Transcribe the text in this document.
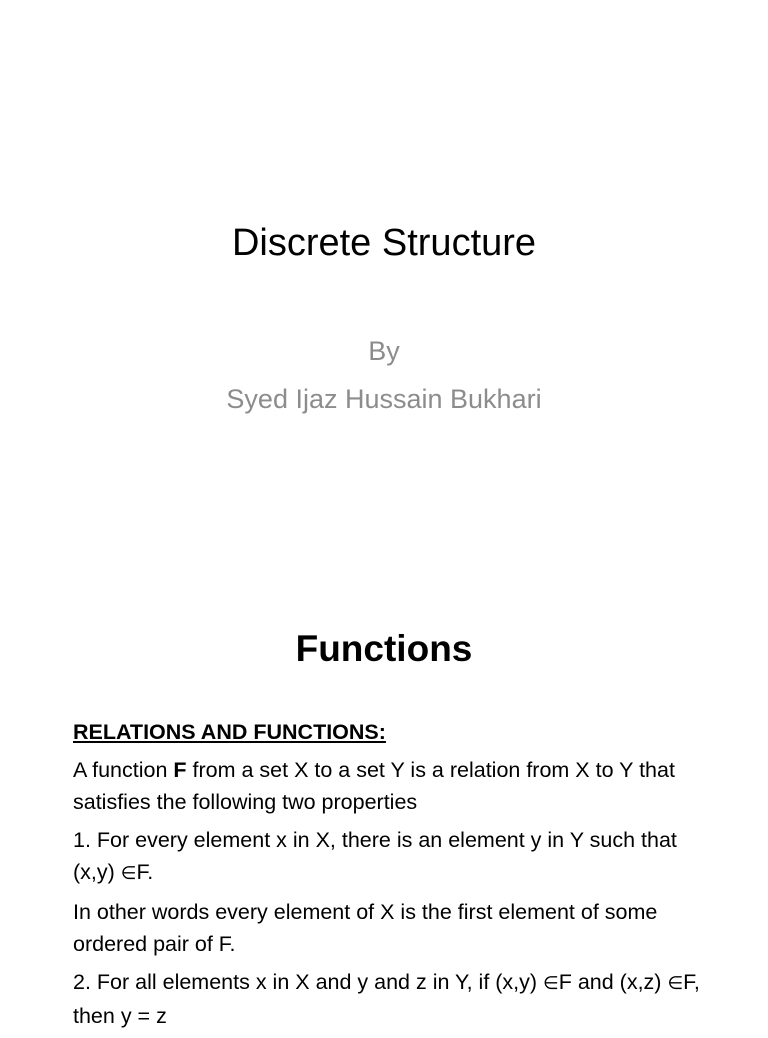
Discrete Structure
By
Syed Ijaz Hussain Bukhari
Functions

RELATIONS AND FUNCTIONS:

A function F from a set X to a set Y is a relation from X to Y that satisfies the following two properties

1. For every element x in X, there is an element y in Y such that (x,y) ∈F.

In other words every element of X is the first element of some ordered pair of F.

2. For all elements x in X and y and z in Y, if (x,y) ∈F and (x,z) ∈F, then y = z
